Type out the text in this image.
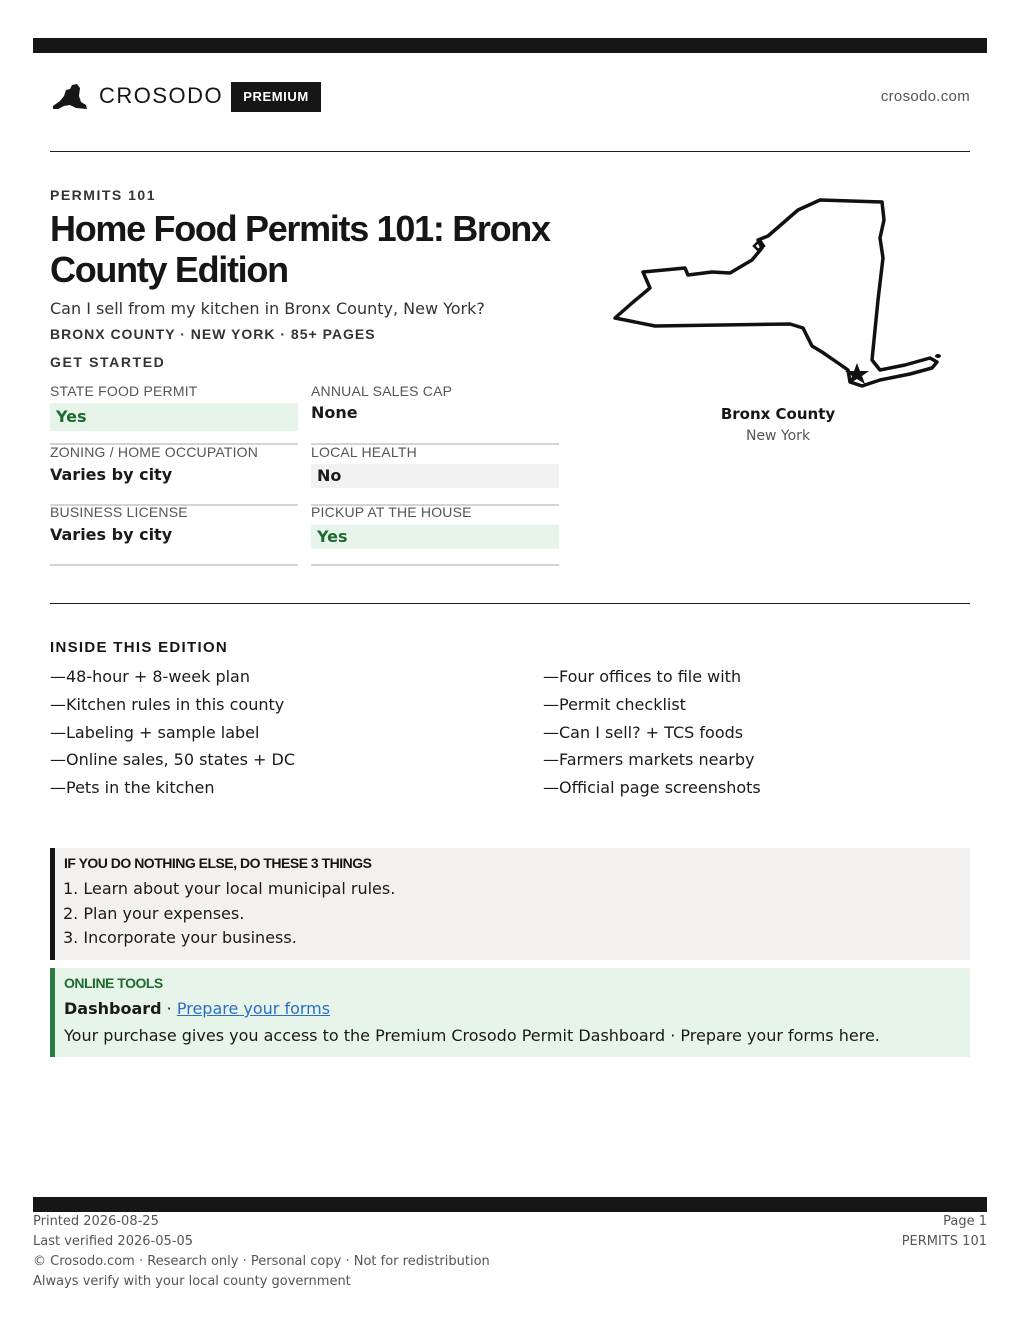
CROSODO	PREMIUM	crosodo.com
PERMITS 101
Home Food Permits 101: Bronx County Edition
Can I sell from my kitchen in Bronx County, New York?
BRONX COUNTY · NEW YORK · 85+ PAGES
GET STARTED
STATE FOOD PERMIT
Yes
ANNUAL SALES CAP
None
ZONING / HOME OCCUPATION
Varies by city
LOCAL HEALTH
No
BUSINESS LICENSE
Varies by city
PICKUP AT THE HOUSE
Yes
Bronx County
New York
INSIDE THIS EDITION
—48-hour + 8-week plan
—Kitchen rules in this county
—Labeling + sample label
—Online sales, 50 states + DC
—Pets in the kitchen
—Four offices to file with
—Permit checklist
—Can I sell? + TCS foods
—Farmers markets nearby
—Official page screenshots
IF YOU DO NOTHING ELSE, DO THESE 3 THINGS
1. Learn about your local municipal rules.
2. Plan your expenses.
3. Incorporate your business.
ONLINE TOOLS
Dashboard · Prepare your forms
Your purchase gives you access to the Premium Crosodo Permit Dashboard · Prepare your forms here.
Printed 2026-08-25
Last verified 2026-05-05
© Crosodo.com · Research only · Personal copy · Not for redistribution
Always verify with your local county government
Page 1
PERMITS 101
